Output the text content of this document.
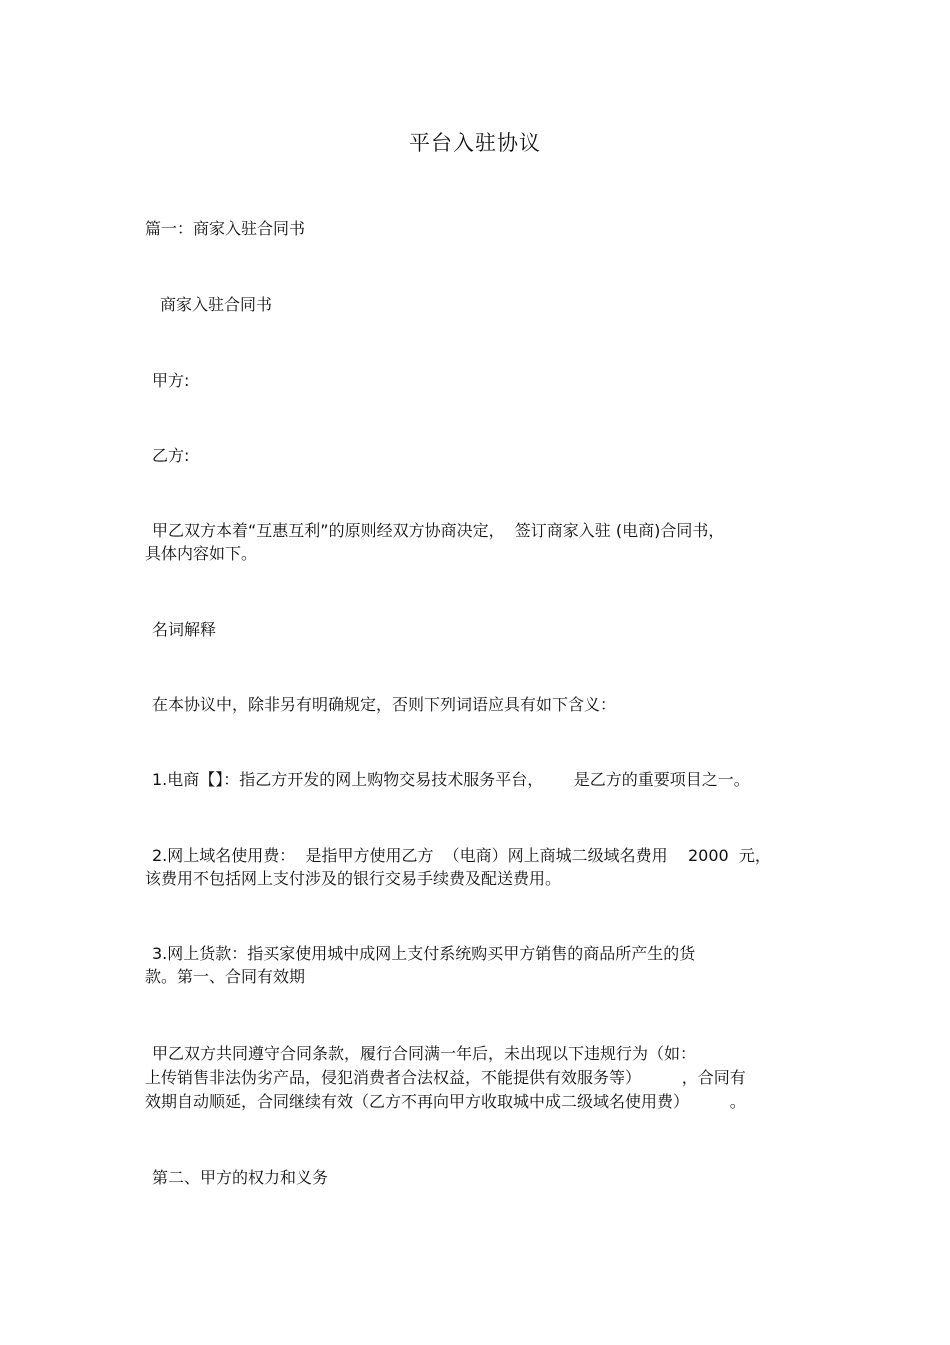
平台入驻协议
篇一：商家入驻合同书
商家入驻合同书
甲方:
乙方:
甲乙双方本着“互惠互利”的原则经双方协商决定，  签订商家入驻 (电商)合同书，
具体内容如下。
名词解释
在本协议中，除非另有明确规定，否则下列词语应具有如下含义：
1.电商【】：指乙方开发的网上购物交易技术服务平台，      是乙方的重要项目之一。
2.网上域名使用费：  是指甲方使用乙方  （电商）网上商城二级域名费用    2000  元，
该费用不包括网上支付涉及的银行交易手续费及配送费用。
3.网上货款：指买家使用城中成网上支付系统购买甲方销售的商品所产生的货
款。第一、合同有效期
甲乙双方共同遵守合同条款，履行合同满一年后，未出现以下违规行为（如：
上传销售非法伪劣产品，侵犯消费者合法权益，不能提供有效服务等）        ，合同有
效期自动顺延，合同继续有效（乙方不再向甲方收取城中成二级域名使用费）        。
第二、甲方的权力和义务
